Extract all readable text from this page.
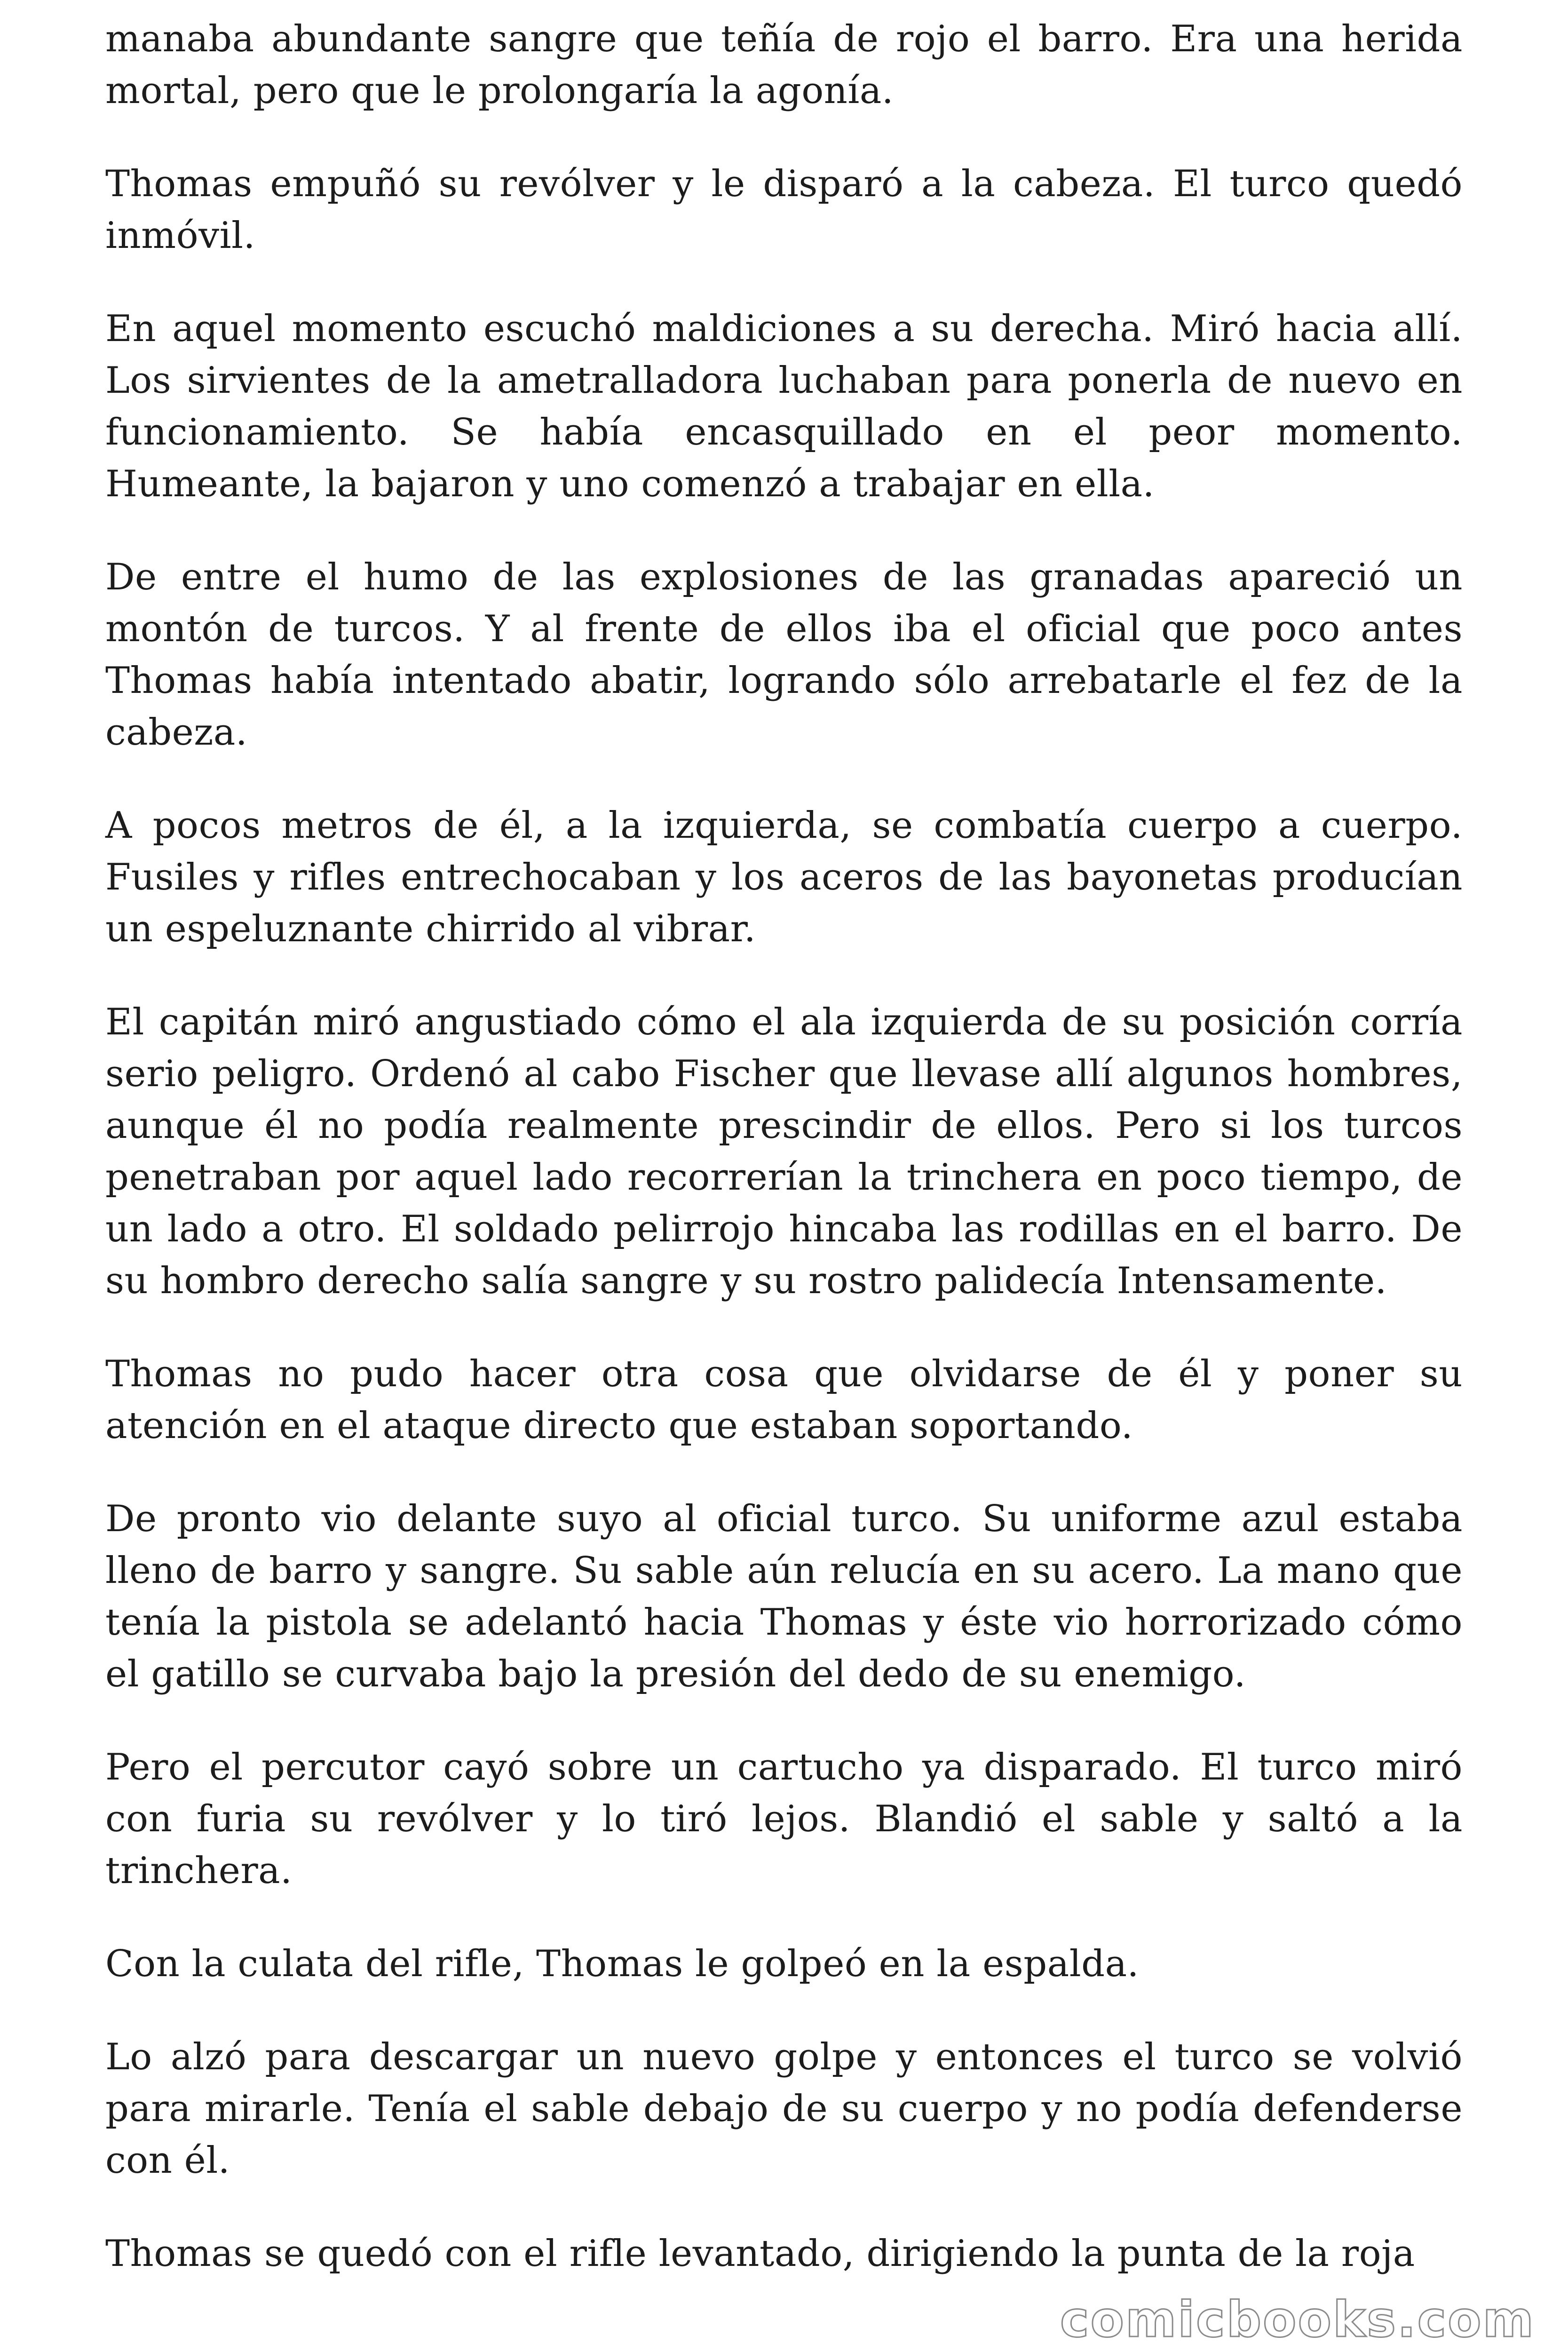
manaba abundante sangre que teñía de rojo el barro. Era una herida mortal, pero que le prolongaría la agonía.

Thomas empuñó su revólver y le disparó a la cabeza. El turco quedó inmóvil.

En aquel momento escuchó maldiciones a su derecha. Miró hacia allí. Los sirvientes de la ametralladora luchaban para ponerla de nuevo en funcionamiento. Se había encasquillado en el peor momento. Humeante, la bajaron y uno comenzó a trabajar en ella.

De entre el humo de las explosiones de las granadas apareció un montón de turcos. Y al frente de ellos iba el oficial que poco antes Thomas había intentado abatir, logrando sólo arrebatarle el fez de la cabeza.

A pocos metros de él, a la izquierda, se combatía cuerpo a cuerpo. Fusiles y rifles entrechocaban y los aceros de las bayonetas producían un espeluznante chirrido al vibrar.

El capitán miró angustiado cómo el ala izquierda de su posición corría serio peligro. Ordenó al cabo Fischer que llevase allí algunos hombres, aunque él no podía realmente prescindir de ellos. Pero si los turcos penetraban por aquel lado recorrerían la trinchera en poco tiempo, de un lado a otro. El soldado pelirrojo hincaba las rodillas en el barro. De su hombro derecho salía sangre y su rostro palidecía Intensamente.

Thomas no pudo hacer otra cosa que olvidarse de él y poner su atención en el ataque directo que estaban soportando.

De pronto vio delante suyo al oficial turco. Su uniforme azul estaba lleno de barro y sangre. Su sable aún relucía en su acero. La mano que tenía la pistola se adelantó hacia Thomas y éste vio horrorizado cómo el gatillo se curvaba bajo la presión del dedo de su enemigo.

Pero el percutor cayó sobre un cartucho ya disparado. El turco miró con furia su revólver y lo tiró lejos. Blandió el sable y saltó a la trinchera.

Con la culata del rifle, Thomas le golpeó en la espalda.

Lo alzó para descargar un nuevo golpe y entonces el turco se volvió para mirarle. Tenía el sable debajo de su cuerpo y no podía defenderse con él.

Thomas se quedó con el rifle levantado, dirigiendo la punta de la roja

comicbooks.com
